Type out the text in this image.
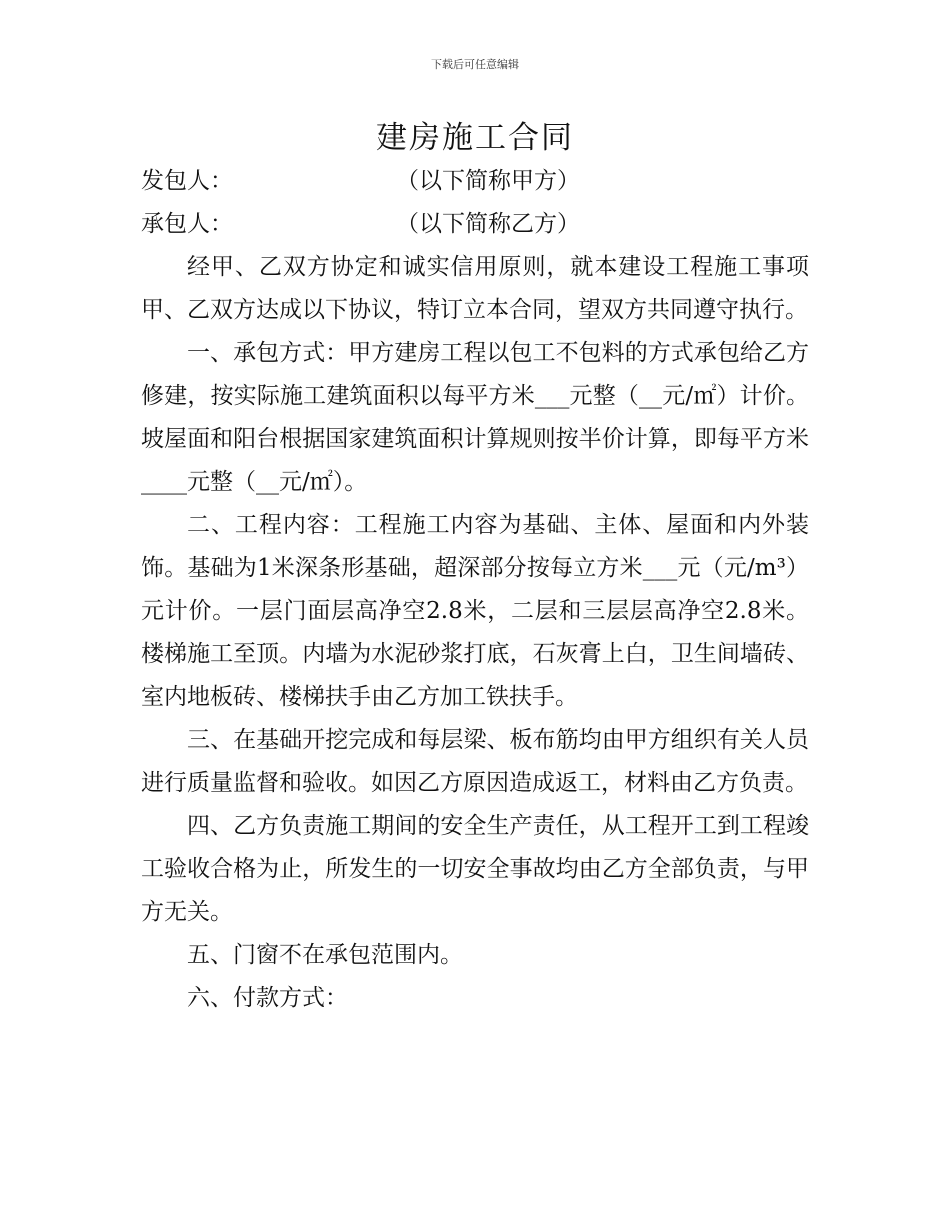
下载后可任意编辑
建房施工合同
发包人：	（以下简称甲方）
承包人：	（以下简称乙方）

经甲、乙双方协定和诚实信用原则，就本建设工程施工事项甲、乙双方达成以下协议，特订立本合同，望双方共同遵守执行。

一、承包方式：甲方建房工程以包工不包料的方式承包给乙方修建，按实际施工建筑面积以每平方米___元整（__元/㎡）计价。坡屋面和阳台根据国家建筑面积计算规则按半价计算，即每平方米____元整（__元/㎡）。

二、工程内容：工程施工内容为基础、主体、屋面和内外装饰。基础为1米深条形基础，超深部分按每立方米___元（元/m³）元计价。一层门面层高净空2.8米，二层和三层层高净空2.8米。楼梯施工至顶。内墙为水泥砂浆打底，石灰膏上白，卫生间墙砖、室内地板砖、楼梯扶手由乙方加工铁扶手。

三、在基础开挖完成和每层梁、板布筋均由甲方组织有关人员进行质量监督和验收。如因乙方原因造成返工，材料由乙方负责。

四、乙方负责施工期间的安全生产责任，从工程开工到工程竣工验收合格为止，所发生的一切安全事故均由乙方全部负责，与甲方无关。

五、门窗不在承包范围内。

六、付款方式：
